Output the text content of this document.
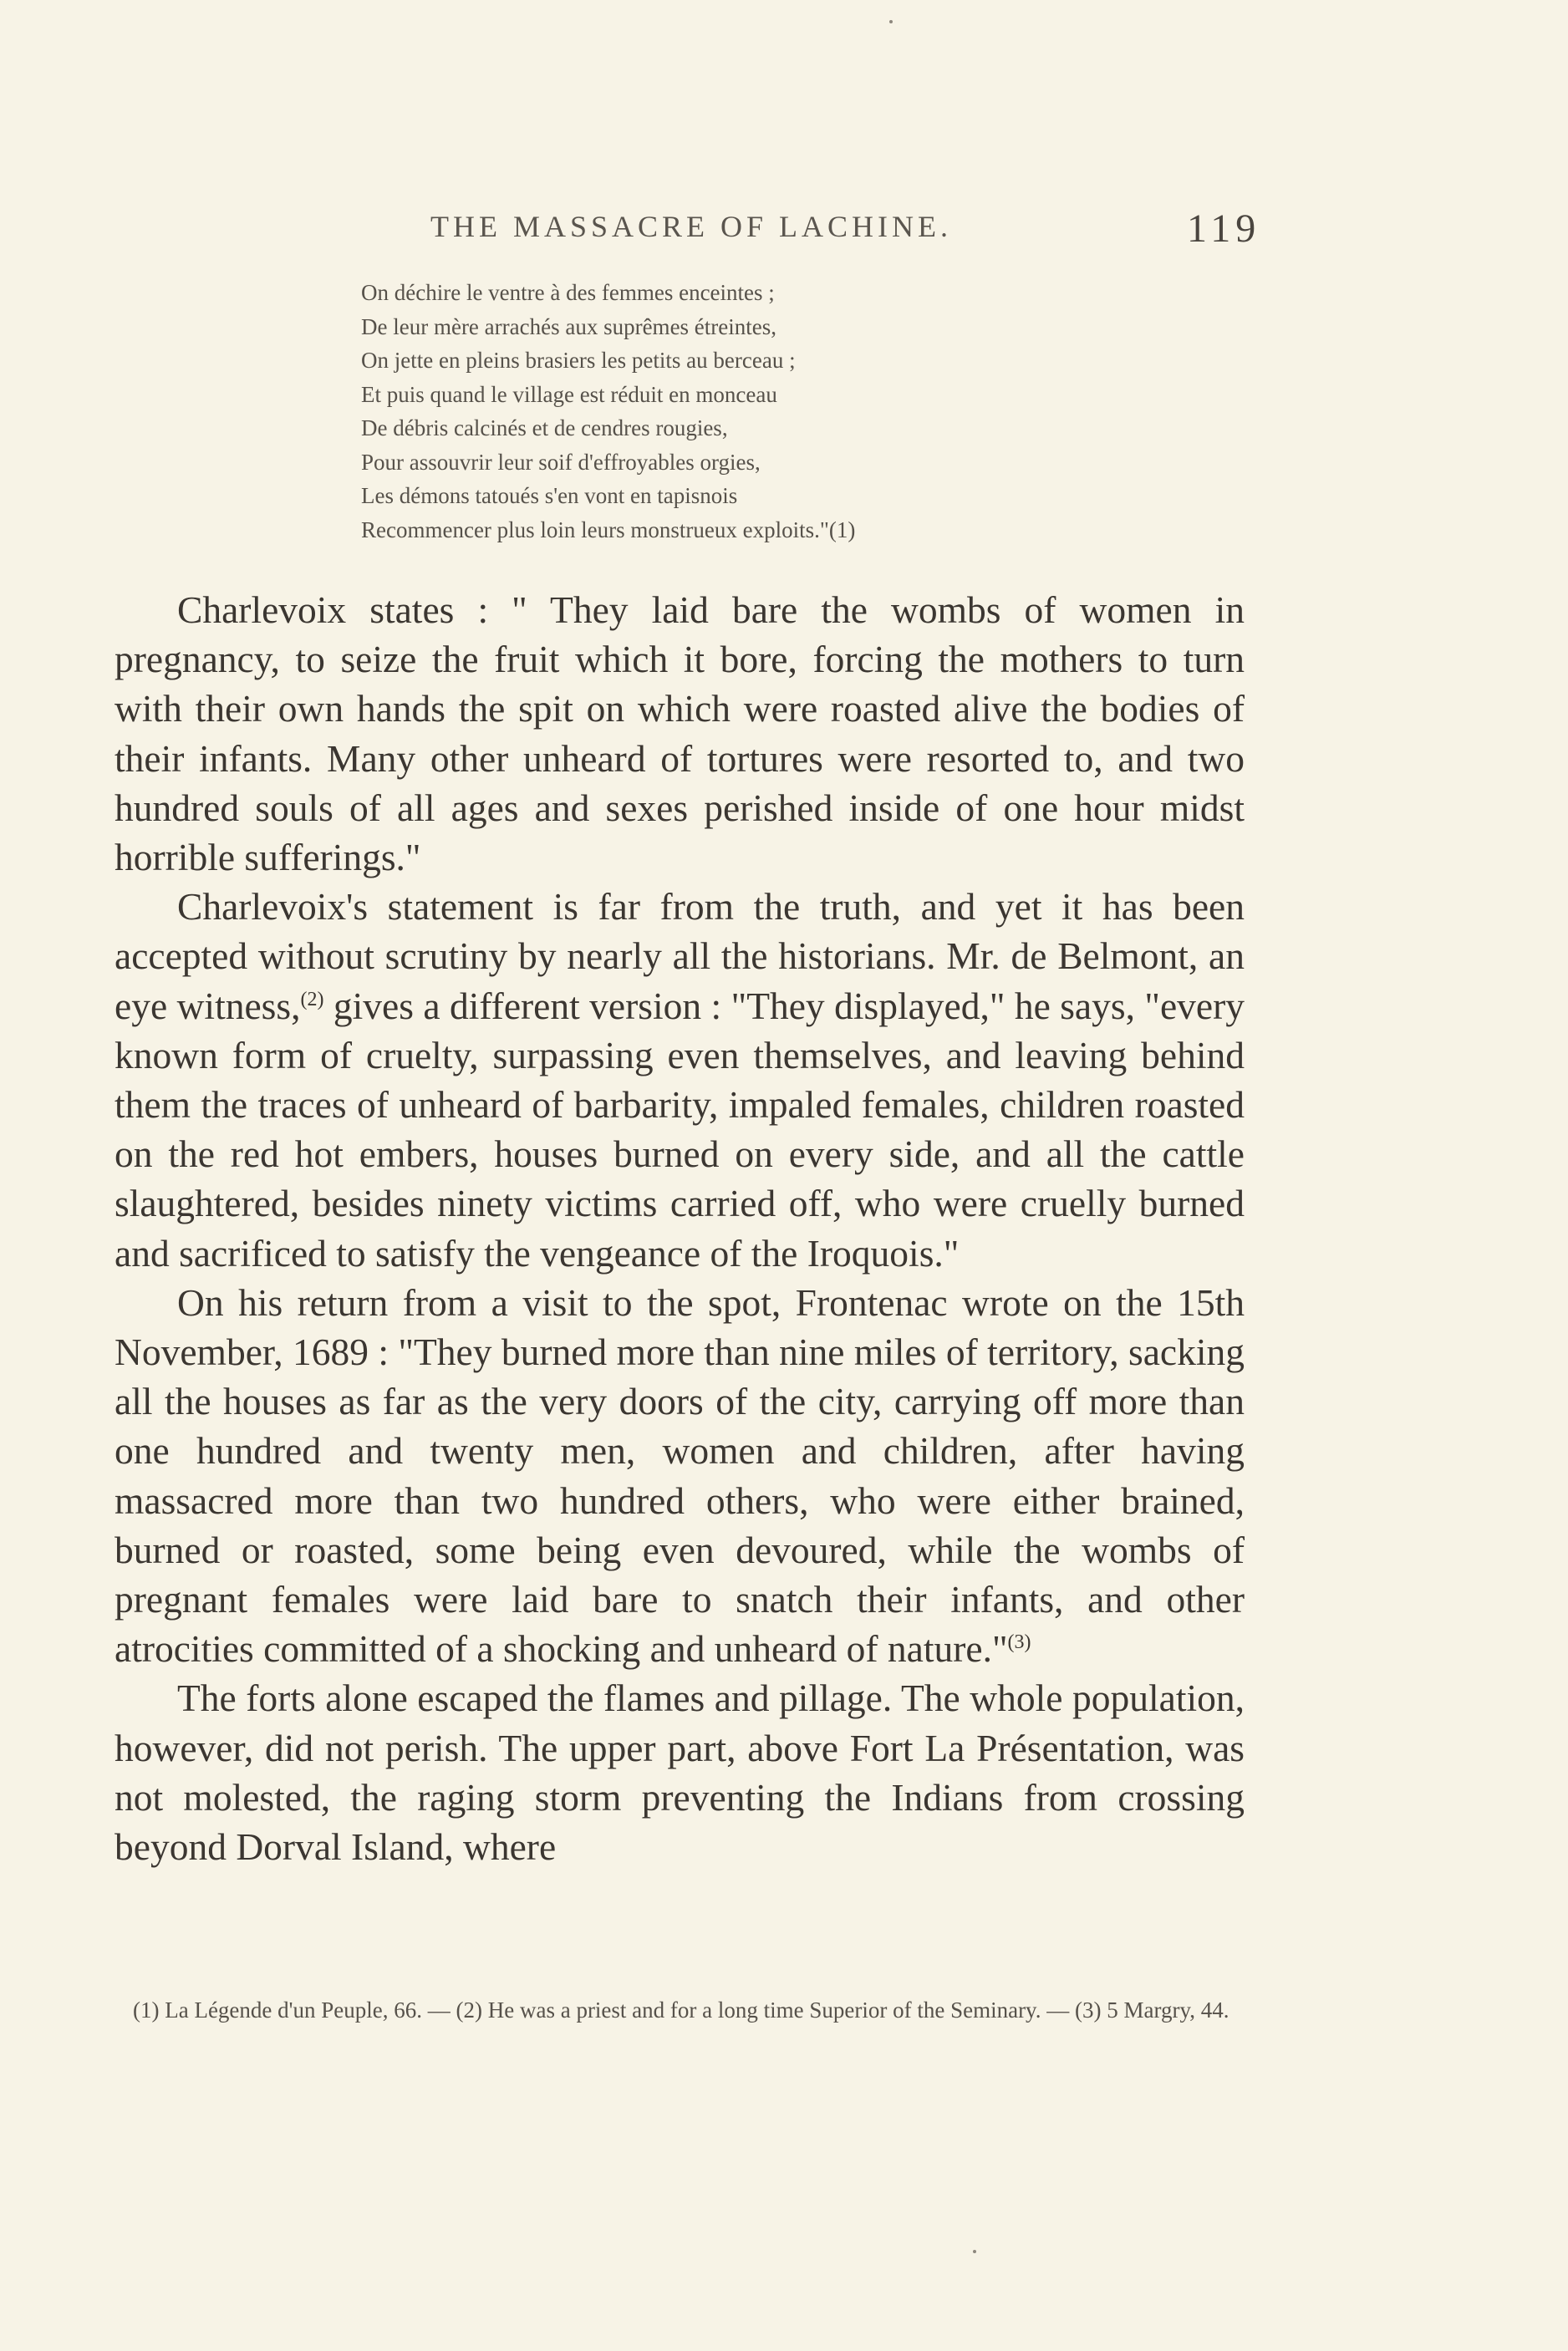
THE MASSACRE OF LACHINE.	119
On déchire le ventre à des femmes enceintes ;
De leur mère arrachés aux suprêmes étreintes,
On jette en pleins brasiers les petits au berceau ;
Et puis quand le village est réduit en monceau
De débris calcinés et de cendres rougies,
Pour assouvrir leur soif d'effroyables orgies,
Les démons tatoués s'en vont en tapisnois
Recommencer plus loin leurs monstrueux exploits."(1)

Charlevoix states : " They laid bare the wombs of women in pregnancy, to seize the fruit which it bore, forcing the mothers to turn with their own hands the spit on which were roasted alive the bodies of their infants. Many other unheard of tortures were resorted to, and two hundred souls of all ages and sexes perished inside of one hour midst horrible sufferings."

Charlevoix's statement is far from the truth, and yet it has been accepted without scrutiny by nearly all the historians. Mr. de Belmont, an eye witness,$^{(2)}$ gives a different version : "They displayed," he says, "every known form of cruelty, surpassing even themselves, and leaving behind them the traces of unheard of barbarity, impaled females, children roasted on the red hot embers, houses burned on every side, and all the cattle slaughtered, besides ninety victims carried off, who were cruelly burned and sacrificed to satisfy the vengeance of the Iroquois."

On his return from a visit to the spot, Frontenac wrote on the 15th November, 1689 : "They burned more than nine miles of territory, sacking all the houses as far as the very doors of the city, carrying off more than one hundred and twenty men, women and children, after having massacred more than two hundred others, who were either brained, burned or roasted, some being even devoured, while the wombs of pregnant females were laid bare to snatch their infants, and other atrocities committed of a shocking and unheard of nature."$^{(3)}$

The forts alone escaped the flames and pillage. The whole population, however, did not perish. The upper part, above Fort La Présentation, was not molested, the raging storm preventing the Indians from crossing beyond Dorval Island, where

(1) La Légende d'un Peuple, 66. — (2) He was a priest and for a long time Superior of the Seminary. — (3) 5 Margry, 44.
